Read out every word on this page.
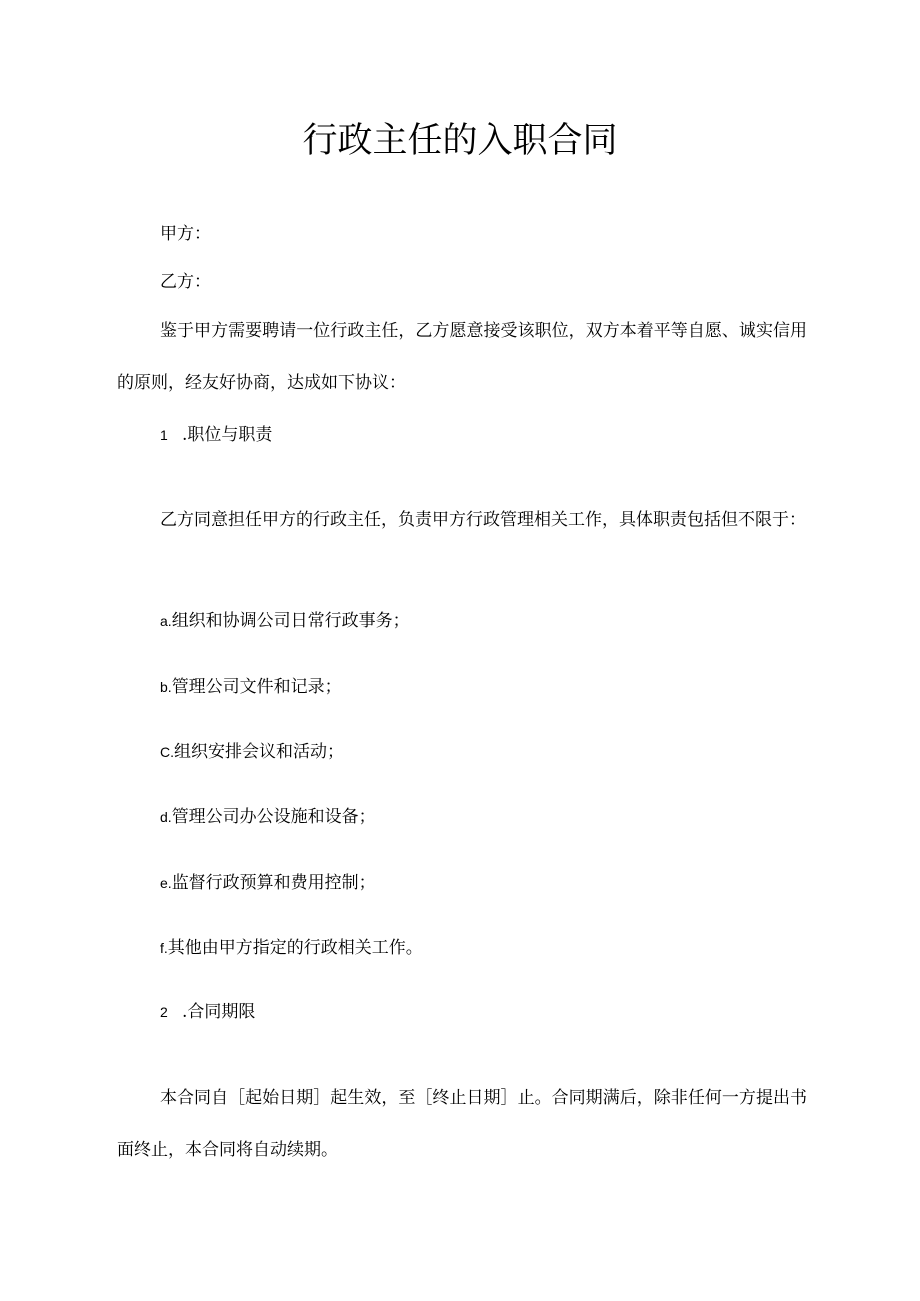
行政主任的入职合同
甲方：
乙方：
鉴于甲方需要聘请一位行政主任，乙方愿意接受该职位，双方本着平等自愿、诚实信用的原则，经友好协商，达成如下协议：
1 .职位与职责
乙方同意担任甲方的行政主任，负责甲方行政管理相关工作，具体职责包括但不限于：
a.组织和协调公司日常行政事务；
b.管理公司文件和记录；
C.组织安排会议和活动；
d.管理公司办公设施和设备；
e.监督行政预算和费用控制；
f.其他由甲方指定的行政相关工作。
2 .合同期限
本合同自［起始日期］起生效，至［终止日期］止。合同期满后，除非任何一方提出书面终止，本合同将自动续期。
